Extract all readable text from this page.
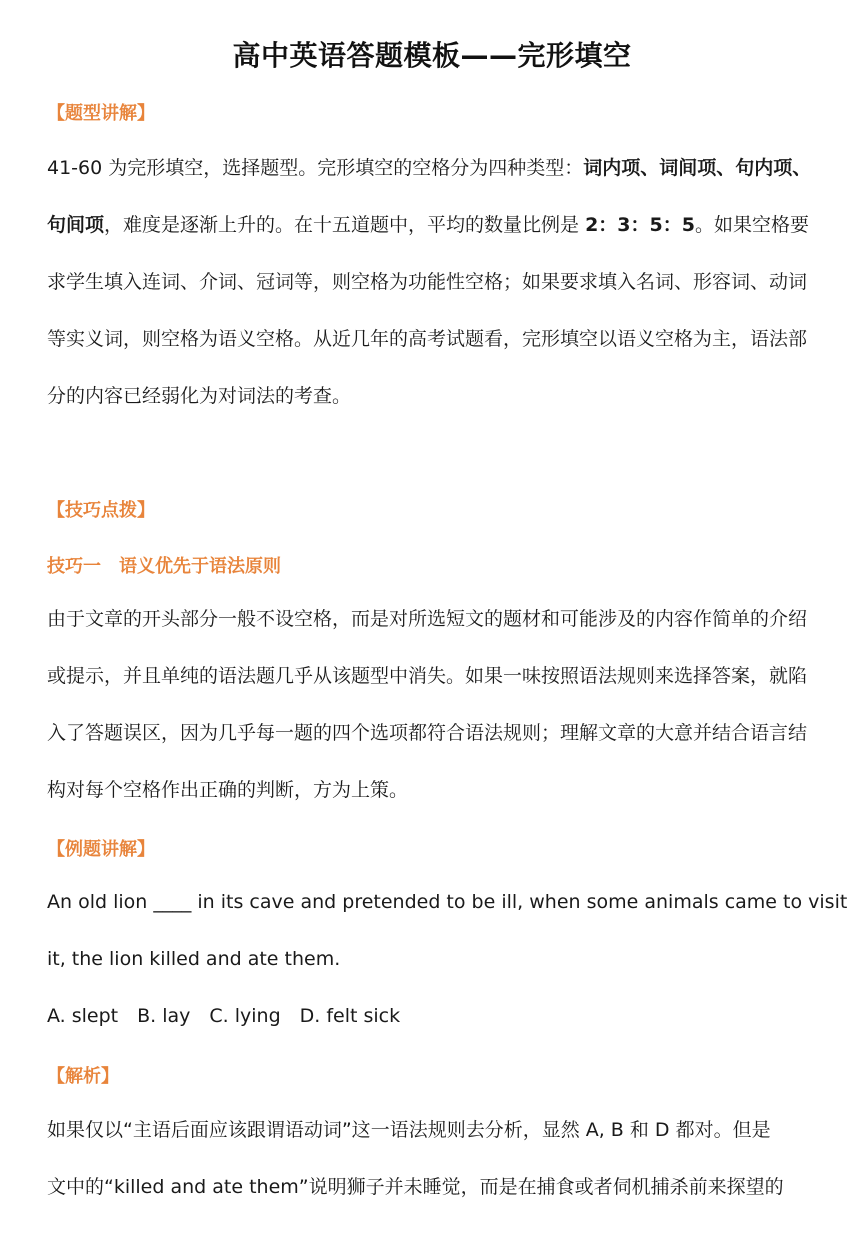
高中英语答题模板——完形填空
【题型讲解】
41-60 为完形填空，选择题型。完形填空的空格分为四种类型：词内项、词间项、句内项、
句间项，难度是逐渐上升的。在十五道题中，平均的数量比例是 2：3：5：5。如果空格要
求学生填入连词、介词、冠词等，则空格为功能性空格；如果要求填入名词、形容词、动词
等实义词，则空格为语义空格。从近几年的高考试题看，完形填空以语义空格为主，语法部
分的内容已经弱化为对词法的考查。
【技巧点拨】
技巧一　语义优先于语法原则
由于文章的开头部分一般不设空格，而是对所选短文的题材和可能涉及的内容作简单的介绍
或提示，并且单纯的语法题几乎从该题型中消失。如果一味按照语法规则来选择答案，就陷
入了答题误区，因为几乎每一题的四个选项都符合语法规则；理解文章的大意并结合语言结
构对每个空格作出正确的判断，方为上策。
【例题讲解】
An old lion ____ in its cave and pretended to be ill, when some animals came to visit
it, the lion killed and ate them.
A. slept　B. lay　C. lying　D. felt sick
【解析】
如果仅以“主语后面应该跟谓语动词”这一语法规则去分析，显然 A, B 和 D 都对。但是
文中的“killed and ate them”说明狮子并未睡觉，而是在捕食或者伺机捕杀前来探望的
